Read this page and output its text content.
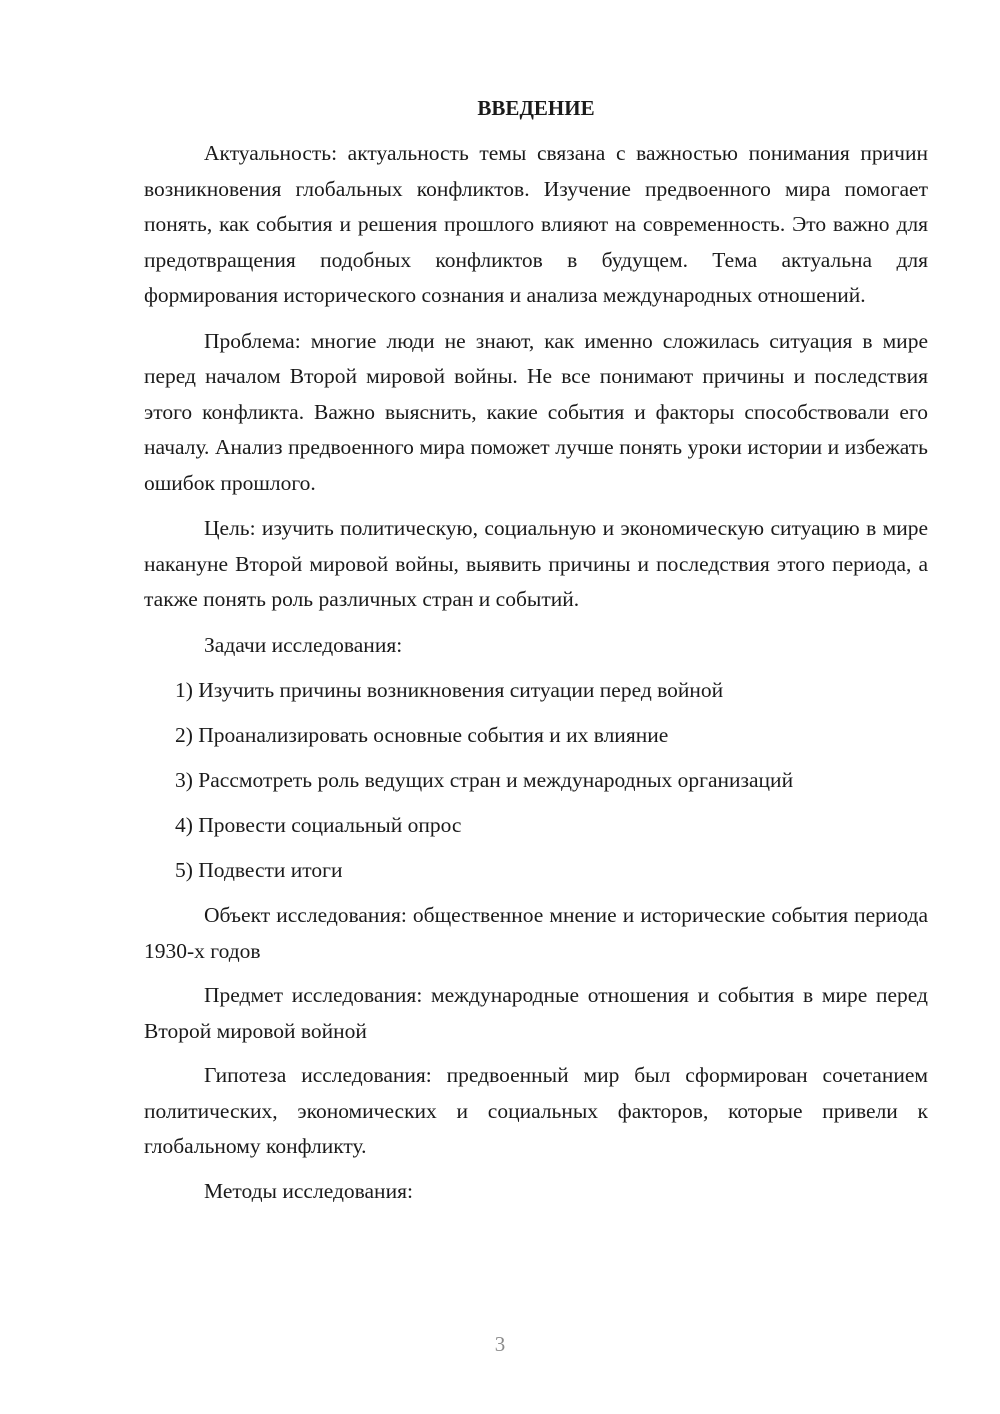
ВВЕДЕНИЕ

Актуальность: актуальность темы связана с важностью понимания причин возникновения глобальных конфликтов. Изучение предвоенного мира помогает понять, как события и решения прошлого влияют на современность. Это важно для предотвращения подобных конфликтов в будущем. Тема актуальна для формирования исторического сознания и анализа международных отношений.

Проблема: многие люди не знают, как именно сложилась ситуация в мире перед началом Второй мировой войны. Не все понимают причины и последствия этого конфликта. Важно выяснить, какие события и факторы способствовали его началу. Анализ предвоенного мира поможет лучше понять уроки истории и избежать ошибок прошлого.

Цель: изучить политическую, социальную и экономическую ситуацию в мире накануне Второй мировой войны, выявить причины и последствия этого периода, а также понять роль различных стран и событий.

Задачи исследования:

1) Изучить причины возникновения ситуации перед войной
2) Проанализировать основные события и их влияние
3) Рассмотреть роль ведущих стран и международных организаций
4) Провести социальный опрос
5) Подвести итоги

Объект исследования: общественное мнение и исторические события периода 1930-х годов

Предмет исследования: международные отношения и события в мире перед Второй мировой войной

Гипотеза исследования: предвоенный мир был сформирован сочетанием политических, экономических и социальных факторов, которые привели к глобальному конфликту.

Методы исследования:

3
